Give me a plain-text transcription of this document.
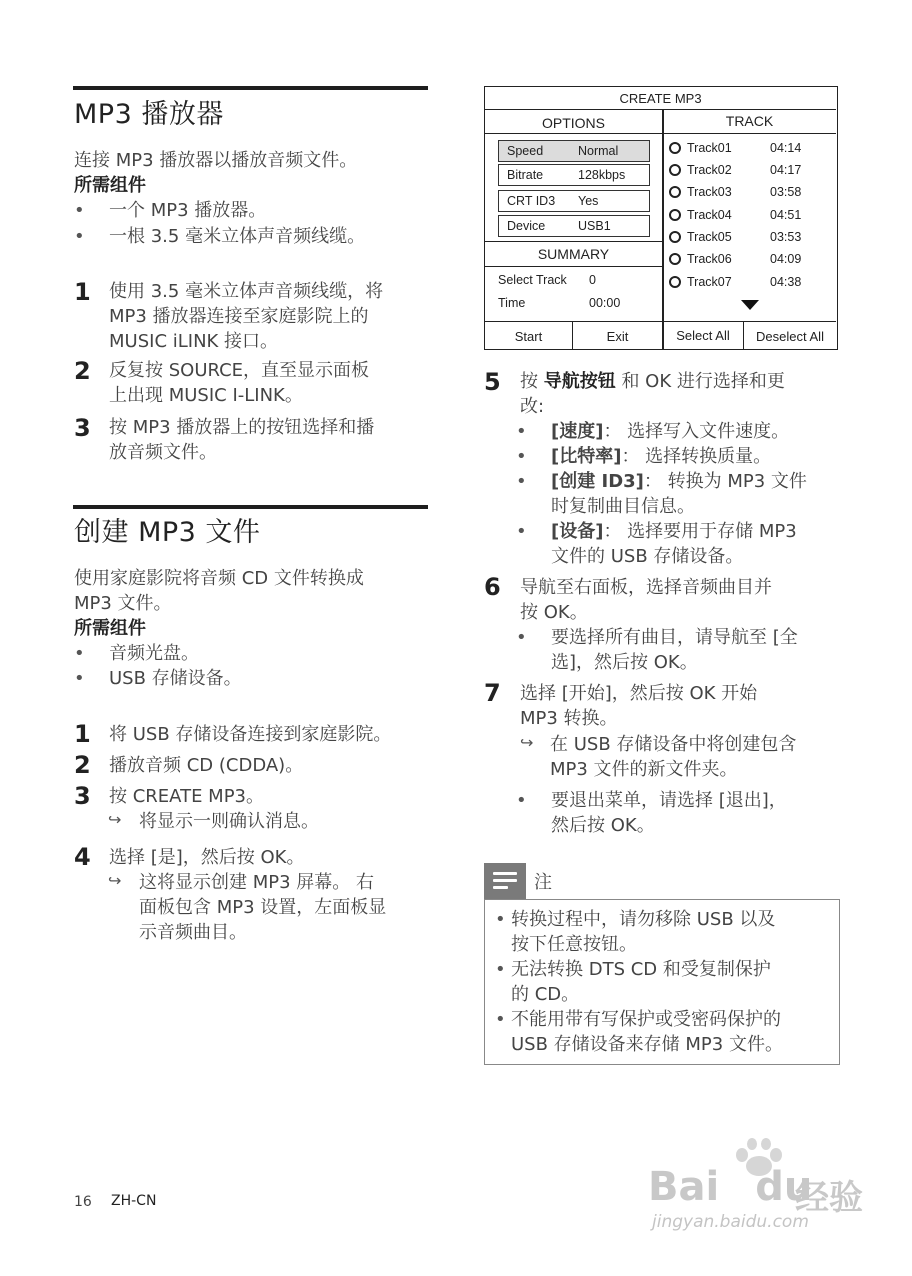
MP3 播放器
连接 MP3 播放器以播放音频文件。
所需组件
• 一个 MP3 播放器。
• 一根 3.5 毫米立体声音频线缆。
1 使用 3.5 毫米立体声音频线缆，将
MP3 播放器连接至家庭影院上的
MUSIC iLINK 接口。
2 反复按 SOURCE，直至显示面板
上出现 MUSIC I-LINK。
3 按 MP3 播放器上的按钮选择和播
放音频文件。
创建 MP3 文件
使用家庭影院将音频 CD 文件转换成
MP3 文件。
所需组件
• 音频光盘。
• USB 存储设备。
1 将 USB 存储设备连接到家庭影院。
2 播放音频 CD (CDDA)。
3 按 CREATE MP3。
↪ 将显示一则确认消息。
4 选择 [是]，然后按 OK。
↪ 这将显示创建 MP3 屏幕。 右
面板包含 MP3 设置，左面板显
示音频曲目。
CREATE MP3
OPTIONS	TRACK
Speed	Normal
Bitrate	128kbps
CRT ID3 Yes
Device	USB1
SUMMARY
Select Track 0
Time	00:00
Track01	04:14
Track02	04:17
Track03	03:58
Track04	04:51
Track05	03:53
Track06	04:09
Track07	04:38
Start	Exit	Select All	Deselect All
5 按 导航按钮 和 OK 进行选择和更
改:
• [速度]： 选择写入文件速度。
• [比特率]： 选择转换质量。
• [创建 ID3]： 转换为 MP3 文件
时复制曲目信息。
• [设备]： 选择要用于存储 MP3
文件的 USB 存储设备。
6 导航至右面板，选择音频曲目并
按 OK。
• 要选择所有曲目，请导航至 [全
选]，然后按 OK。
7 选择 [开始]，然后按 OK 开始
MP3 转换。
↪ 在 USB 存储设备中将创建包含
MP3 文件的新文件夹。
• 要退出菜单，请选择 [退出]，
然后按 OK。
注
• 转换过程中，请勿移除 USB 以及
按下任意按钮。
• 无法转换 DTS CD 和受复制保护
的 CD。
• 不能用带有写保护或受密码保护的
USB 存储设备来存储 MP3 文件。
16 ZH-CN	Bai du
经验
jingyan.baidu.com
